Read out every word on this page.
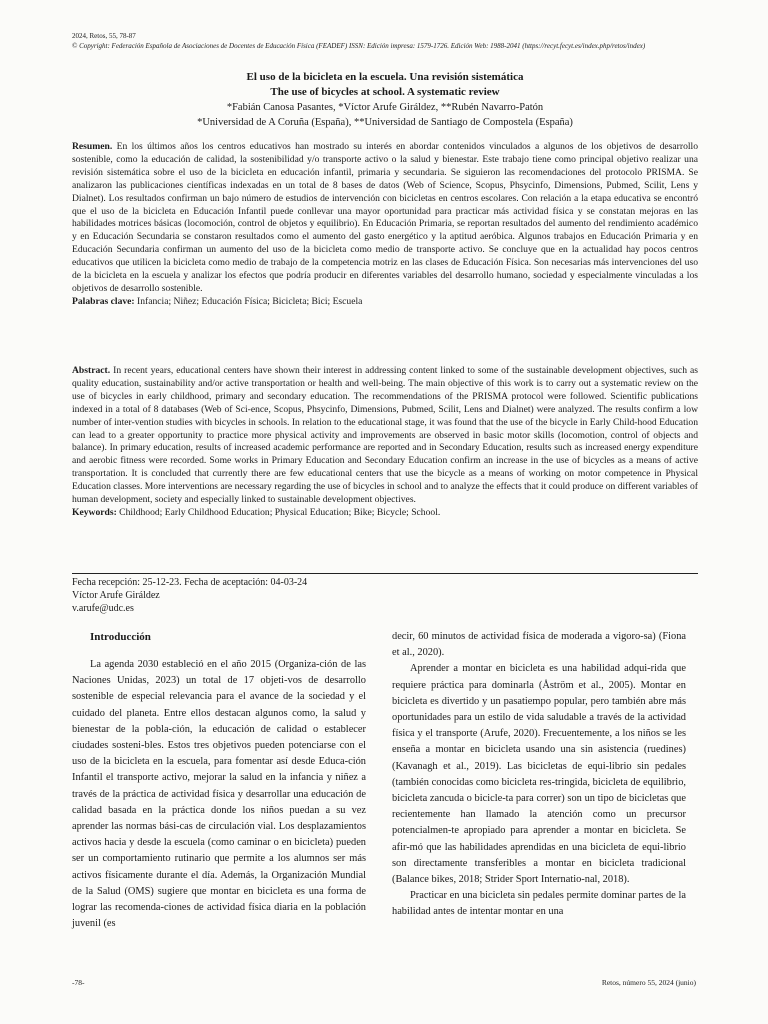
2024, Retos, 55, 78-87
© Copyright: Federación Española de Asociaciones de Docentes de Educación Física (FEADEF) ISSN: Edición impresa: 1579-1726. Edición Web: 1988-2041 (https://recyt.fecyt.es/index.php/retos/index)
El uso de la bicicleta en la escuela. Una revisión sistemática
The use of bicycles at school. A systematic review
*Fabián Canosa Pasantes, *Víctor Arufe Giráldez, **Rubén Navarro-Patón
*Universidad de A Coruña (España), **Universidad de Santiago de Compostela (España)

Resumen. En los últimos años los centros educativos han mostrado su interés en abordar contenidos vinculados a algunos de los objetivos de desarrollo sostenible, como la educación de calidad, la sostenibilidad y/o transporte activo o la salud y bienestar. Este trabajo tiene como principal objetivo realizar una revisión sistemática sobre el uso de la bicicleta en educación infantil, primaria y secundaria. Se siguieron las recomendaciones del protocolo PRISMA. Se analizaron las publicaciones científicas indexadas en un total de 8 bases de datos (Web of Science, Scopus, Phsycinfo, Dimensions, Pubmed, Scilit, Lens y Dialnet). Los resultados confirman un bajo número de estudios de intervención con bicicletas en centros escolares. Con relación a la etapa educativa se encontró que el uso de la bicicleta en Educación Infantil puede conllevar una mayor oportunidad para practicar más actividad física y se constatan mejoras en las habilidades motrices básicas (locomoción, control de objetos y equilibrio). En Educación Primaria, se reportan resultados del aumento del rendimiento académico y en Educación Secundaria se constaron resultados como el aumento del gasto energético y la aptitud aeróbica. Algunos trabajos en Educación Primaria y en Educación Secundaria confirman un aumento del uso de la bicicleta como medio de transporte activo. Se concluye que en la actualidad hay pocos centros educativos que utilicen la bicicleta como medio de trabajo de la competencia motriz en las clases de Educación Física. Son necesarias más intervenciones del uso de la bicicleta en la escuela y analizar los efectos que podría producir en diferentes variables del desarrollo humano, sociedad y especialmente vinculadas a los objetivos de desarrollo sostenible.

Palabras clave: Infancia; Niñez; Educación Física; Bicicleta; Bici; Escuela

Abstract. In recent years, educational centers have shown their interest in addressing content linked to some of the sustainable development objectives, such as quality education, sustainability and/or active transportation or health and well-being. The main objective of this work is to carry out a systematic review on the use of bicycles in early childhood, primary and secondary education. The recommendations of the PRISMA protocol were followed. Scientific publications indexed in a total of 8 databases (Web of Sci-ence, Scopus, Phsycinfo, Dimensions, Pubmed, Scilit, Lens and Dialnet) were analyzed. The results confirm a low number of inter-vention studies with bicycles in schools. In relation to the educational stage, it was found that the use of the bicycle in Early Child-hood Education can lead to a greater opportunity to practice more physical activity and improvements are observed in basic motor skills (locomotion, control of objects and balance). In primary education, results of increased academic performance are reported and in Secondary Education, results such as increased energy expenditure and aerobic fitness were recorded. Some works in Primary Education and Secondary Education confirm an increase in the use of bicycles as a means of active transportation. It is concluded that currently there are few educational centers that use the bicycle as a means of working on motor competence in Physical Education classes. More interventions are necessary regarding the use of bicycles in school and to analyze the effects that it could produce on different variables of human development, society and especially linked to sustainable development objectives.

Keywords: Childhood; Early Childhood Education; Physical Education; Bike; Bicycle; School.

Fecha recepción: 25-12-23. Fecha de aceptación: 04-03-24
Víctor Arufe Giráldez
v.arufe@udc.es
Introducción

La agenda 2030 estableció en el año 2015 (Organiza-ción de las Naciones Unidas, 2023) un total de 17 objeti-vos de desarrollo sostenible de especial relevancia para el avance de la sociedad y el cuidado del planeta. Entre ellos destacan algunos como, la salud y bienestar de la pobla-ción, la educación de calidad o establecer ciudades sosteni-bles. Estos tres objetivos pueden potenciarse con el uso de la bicicleta en la escuela, para fomentar así desde Educa-ción Infantil el transporte activo, mejorar la salud en la infancia y niñez a través de la práctica de actividad física y desarrollar una educación de calidad basada en la práctica donde los niños puedan a su vez aprender las normas bási-cas de circulación vial. Los desplazamientos activos hacia y desde la escuela (como caminar o en bicicleta) pueden ser un comportamiento rutinario que permite a los alumnos ser más activos físicamente durante el día. Además, la Organización Mundial de la Salud (OMS) sugiere que montar en bicicleta es una forma de lograr las recomenda-ciones de actividad física diaria en la población juvenil (es

decir, 60 minutos de actividad física de moderada a vigoro-sa) (Fiona et al., 2020).

Aprender a montar en bicicleta es una habilidad adqui-rida que requiere práctica para dominarla (Åström et al., 2005). Montar en bicicleta es divertido y un pasatiempo popular, pero también abre más oportunidades para un estilo de vida saludable a través de la actividad física y el transporte (Arufe, 2020). Frecuentemente, a los niños se les enseña a montar en bicicleta usando una sin asistencia (ruedines) (Kavanagh et al., 2019). Las bicicletas de equi-librio sin pedales (también conocidas como bicicleta res-tringida, bicicleta de equilibrio, bicicleta zancuda o bicicle-ta para correr) son un tipo de bicicletas que recientemente han llamado la atención como un precursor potencialmen-te apropiado para aprender a montar en bicicleta. Se afir-mó que las habilidades aprendidas en una bicicleta de equi-librio son directamente transferibles a montar en bicicleta tradicional (Balance bikes, 2018; Strider Sport Internatio-nal, 2018).

Practicar en una bicicleta sin pedales permite dominar partes de la habilidad antes de intentar montar en una

-78-	Retos, número 55, 2024 (junio)
